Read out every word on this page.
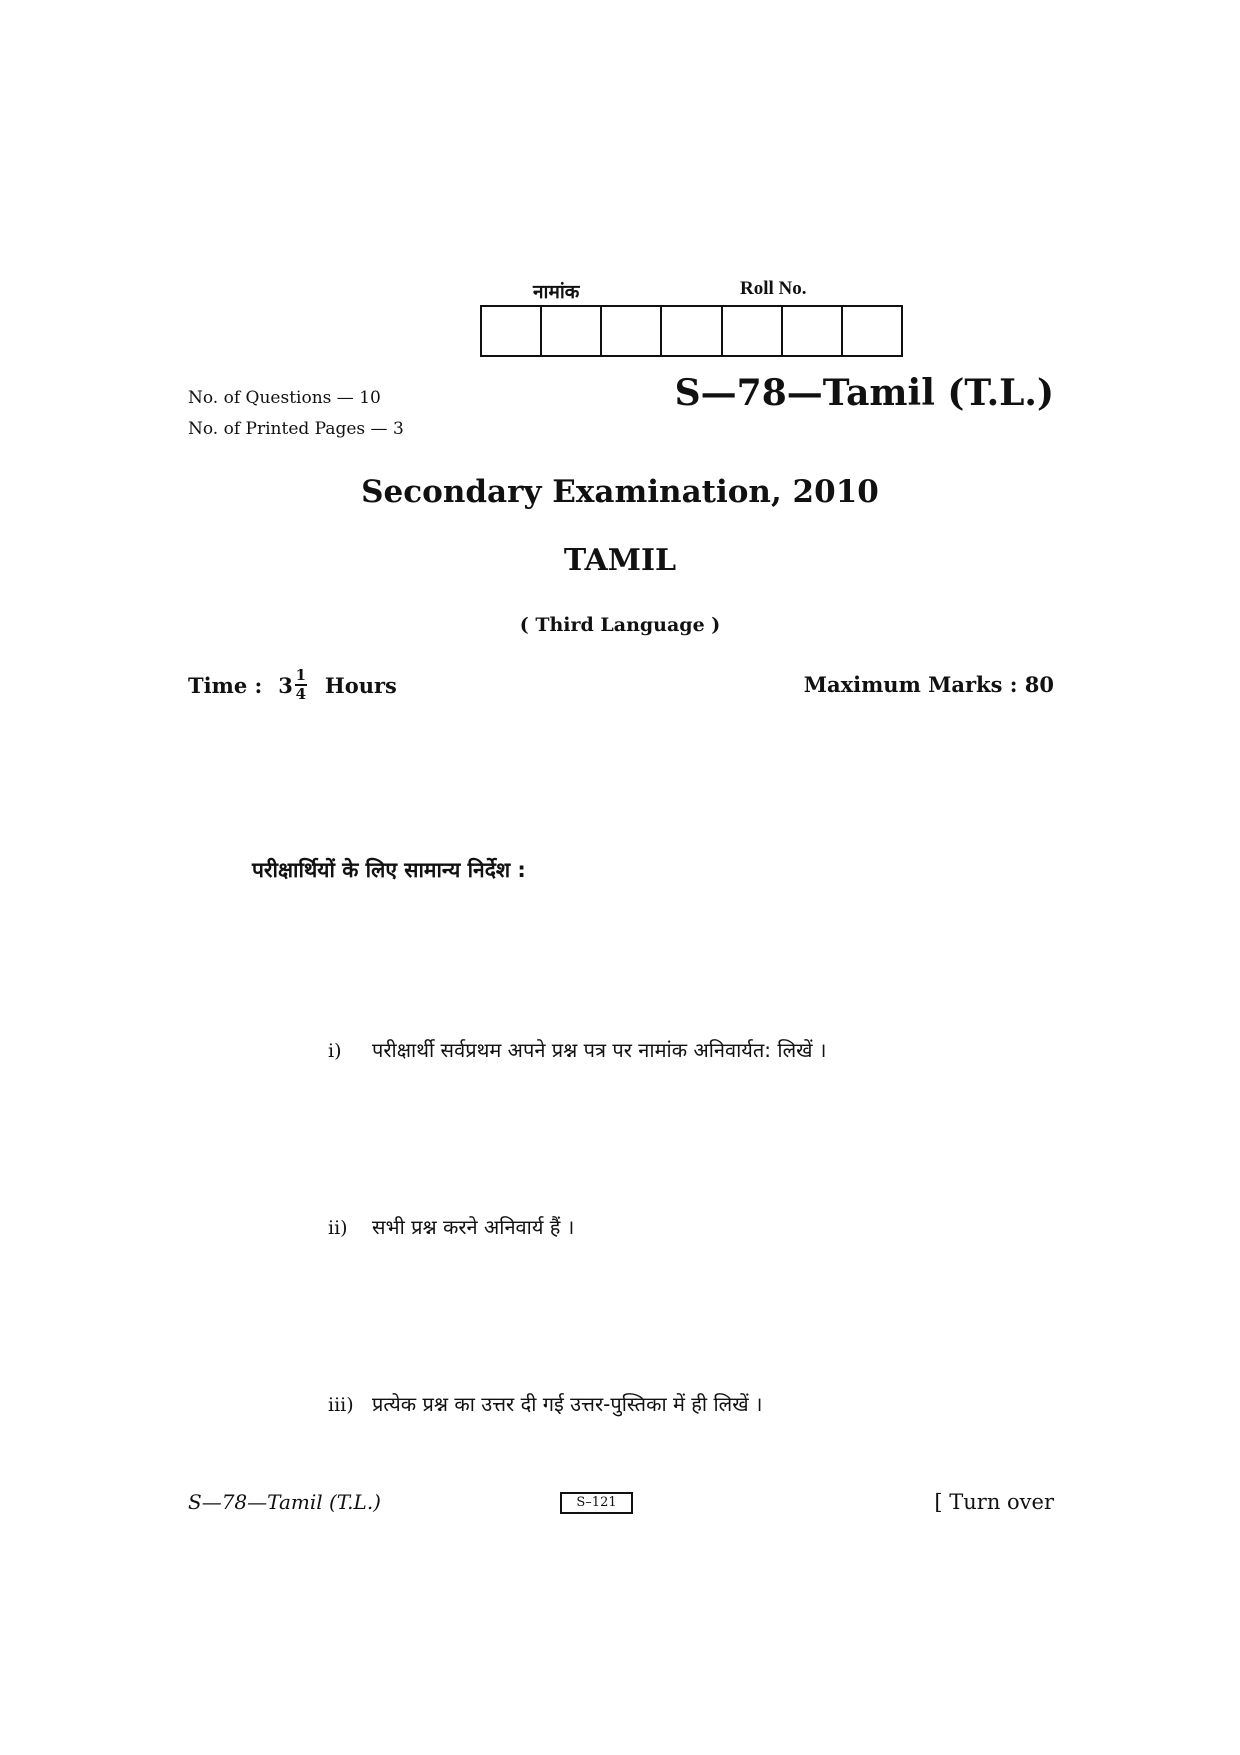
नामांक	Roll No.
No. of Questions — 10
No. of Printed Pages — 3
S—78—Tamil (T.L.)
Secondary Examination, 2010
TAMIL
( Third Language )
Time : $3 \frac{1}{4}$ Hours	Maximum Marks : 80
परीक्षार्थियों के लिए सामान्य निर्देश :
i)	परीक्षार्थी सर्वप्रथम अपने प्रश्न पत्र पर नामांक अनिवार्यत: लिखें ।
ii)	सभी प्रश्न करने अनिवार्य हैं ।
iii) प्रत्येक प्रश्न का उत्तर दी गई उत्तर-पुस्तिका में ही लिखें ।
S—78—Tamil (T.L.)	S–121	[ Turn over
